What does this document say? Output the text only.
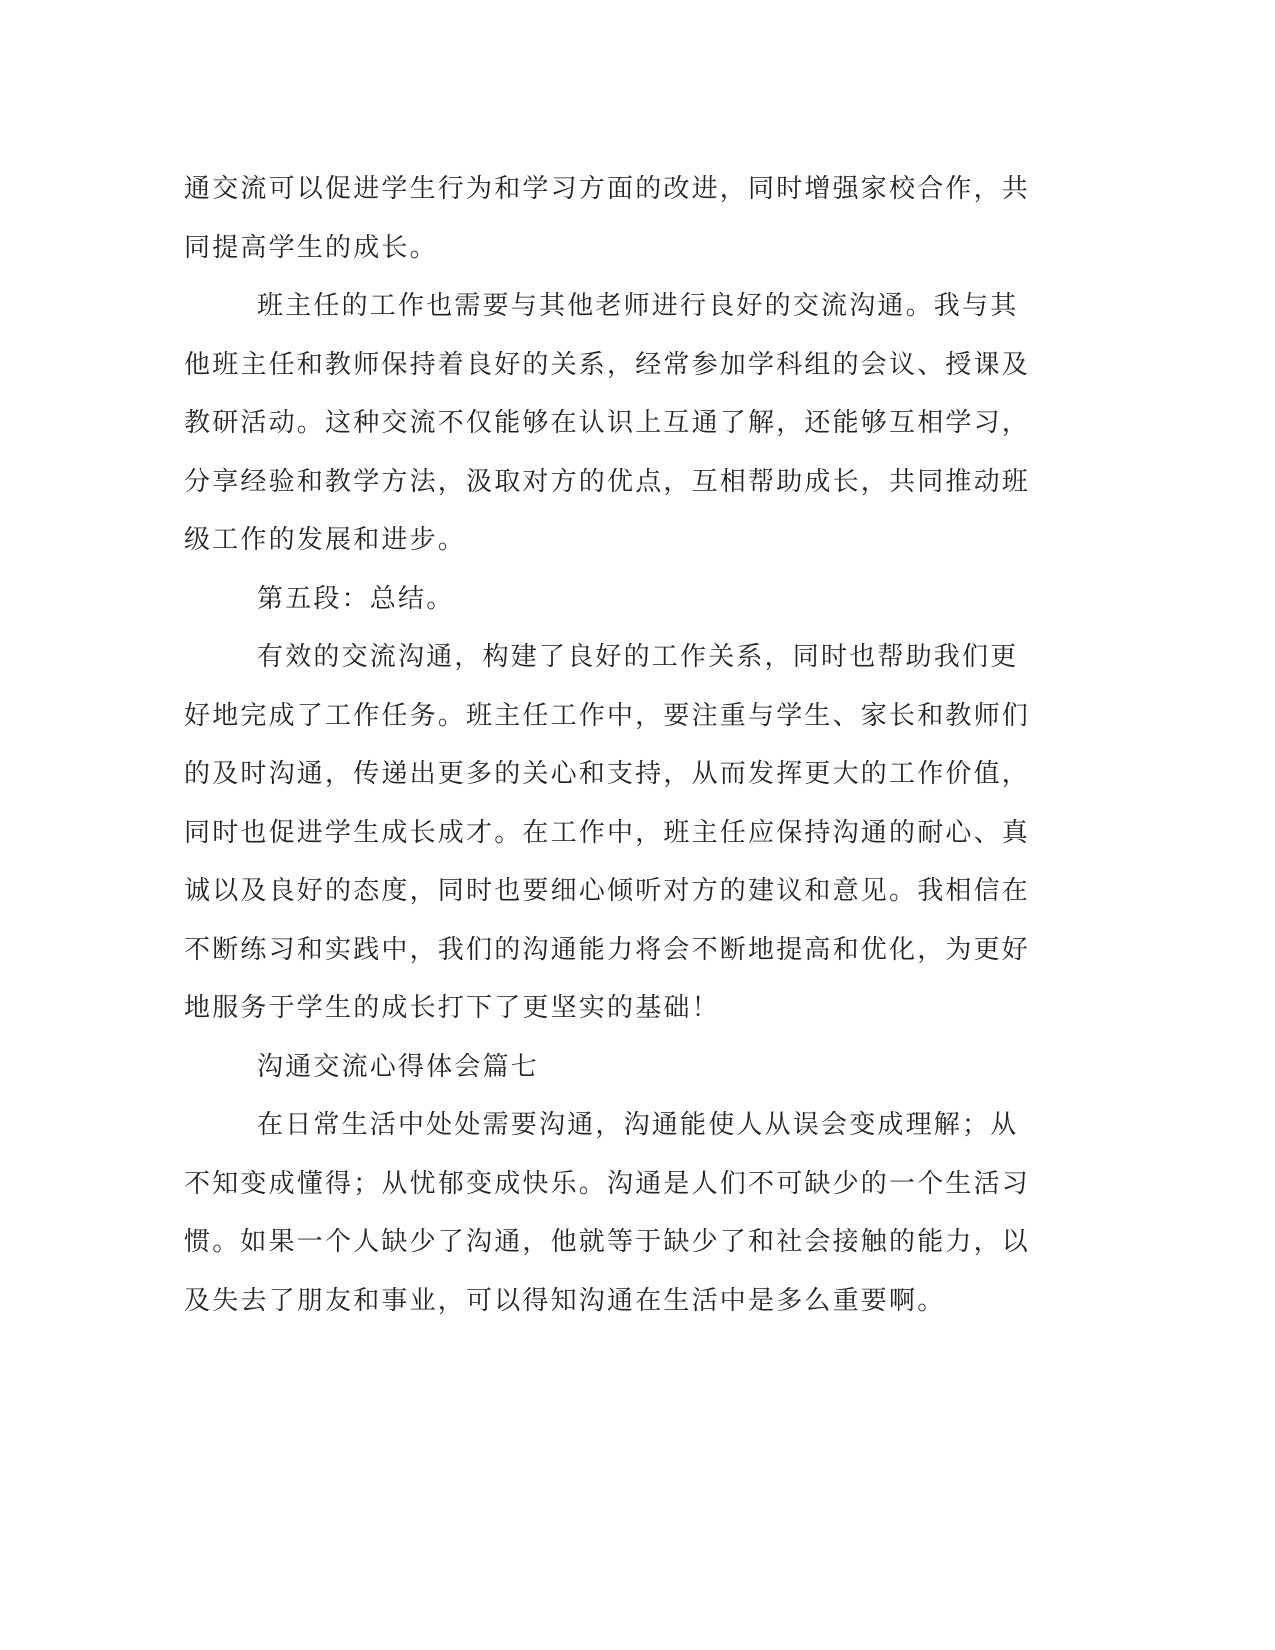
通交流可以促进学生行为和学习方面的改进，同时增强家校合作，共同提高学生的成长。

班主任的工作也需要与其他老师进行良好的交流沟通。我与其他班主任和教师保持着良好的关系，经常参加学科组的会议、授课及教研活动。这种交流不仅能够在认识上互通了解，还能够互相学习，分享经验和教学方法，汲取对方的优点，互相帮助成长，共同推动班级工作的发展和进步。

第五段：总结。

有效的交流沟通，构建了良好的工作关系，同时也帮助我们更好地完成了工作任务。班主任工作中，要注重与学生、家长和教师们的及时沟通，传递出更多的关心和支持，从而发挥更大的工作价值，同时也促进学生成长成才。在工作中，班主任应保持沟通的耐心、真诚以及良好的态度，同时也要细心倾听对方的建议和意见。我相信在不断练习和实践中，我们的沟通能力将会不断地提高和优化，为更好地服务于学生的成长打下了更坚实的基础！

沟通交流心得体会篇七

在日常生活中处处需要沟通，沟通能使人从误会变成理解；从不知变成懂得；从忧郁变成快乐。沟通是人们不可缺少的一个生活习惯。如果一个人缺少了沟通，他就等于缺少了和社会接触的能力，以及失去了朋友和事业，可以得知沟通在生活中是多么重要啊。
